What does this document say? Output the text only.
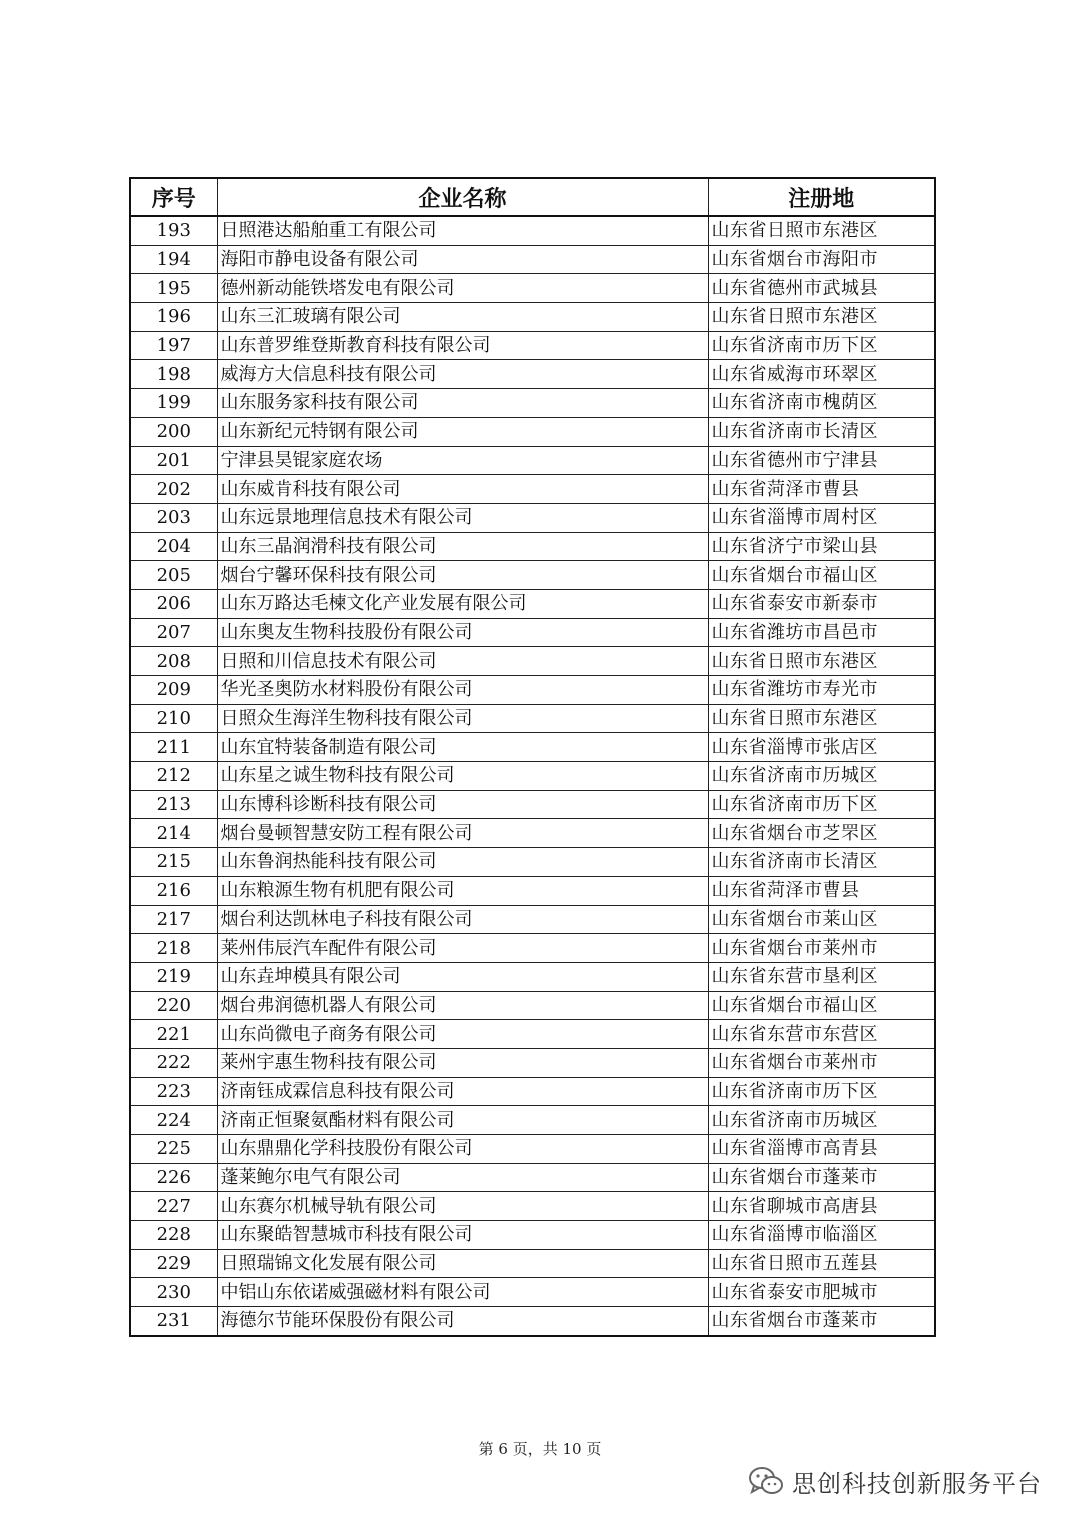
序号	企业名称	注册地
193	日照港达船舶重工有限公司	山东省日照市东港区
194	海阳市静电设备有限公司	山东省烟台市海阳市
195	德州新动能铁塔发电有限公司	山东省德州市武城县
196	山东三汇玻璃有限公司	山东省日照市东港区
197	山东普罗维登斯教育科技有限公司	山东省济南市历下区
198	威海方大信息科技有限公司	山东省威海市环翠区
199	山东服务家科技有限公司	山东省济南市槐荫区
200	山东新纪元特钢有限公司	山东省济南市长清区
201	宁津县昊锟家庭农场	山东省德州市宁津县
202	山东威肯科技有限公司	山东省菏泽市曹县
203	山东远景地理信息技术有限公司	山东省淄博市周村区
204	山东三晶润滑科技有限公司	山东省济宁市梁山县
205	烟台宁馨环保科技有限公司	山东省烟台市福山区
206	山东万路达毛楝文化产业发展有限公司	山东省泰安市新泰市
207	山东奥友生物科技股份有限公司	山东省潍坊市昌邑市
208	日照和川信息技术有限公司	山东省日照市东港区
209	华光圣奥防水材料股份有限公司	山东省潍坊市寿光市
210	日照众生海洋生物科技有限公司	山东省日照市东港区
211	山东宜特装备制造有限公司	山东省淄博市张店区
212	山东星之诚生物科技有限公司	山东省济南市历城区
213	山东博科诊断科技有限公司	山东省济南市历下区
214	烟台曼顿智慧安防工程有限公司	山东省烟台市芝罘区
215	山东鲁润热能科技有限公司	山东省济南市长清区
216	山东粮源生物有机肥有限公司	山东省菏泽市曹县
217	烟台利达凯林电子科技有限公司	山东省烟台市莱山区
218	莱州伟辰汽车配件有限公司	山东省烟台市莱州市
219	山东垚坤模具有限公司	山东省东营市垦利区
220	烟台弗润德机器人有限公司	山东省烟台市福山区
221	山东尚微电子商务有限公司	山东省东营市东营区
222	莱州宇惠生物科技有限公司	山东省烟台市莱州市
223	济南钰成霖信息科技有限公司	山东省济南市历下区
224	济南正恒聚氨酯材料有限公司	山东省济南市历城区
225	山东鼎鼎化学科技股份有限公司	山东省淄博市高青县
226	蓬莱鲍尔电气有限公司	山东省烟台市蓬莱市
227	山东赛尔机械导轨有限公司	山东省聊城市高唐县
228	山东聚皓智慧城市科技有限公司	山东省淄博市临淄区
229	日照瑞锦文化发展有限公司	山东省日照市五莲县
230	中铝山东依诺威强磁材料有限公司	山东省泰安市肥城市
231	海德尔节能环保股份有限公司	山东省烟台市蓬莱市
第 6 页，共 10 页
思创科技创新服务平台
